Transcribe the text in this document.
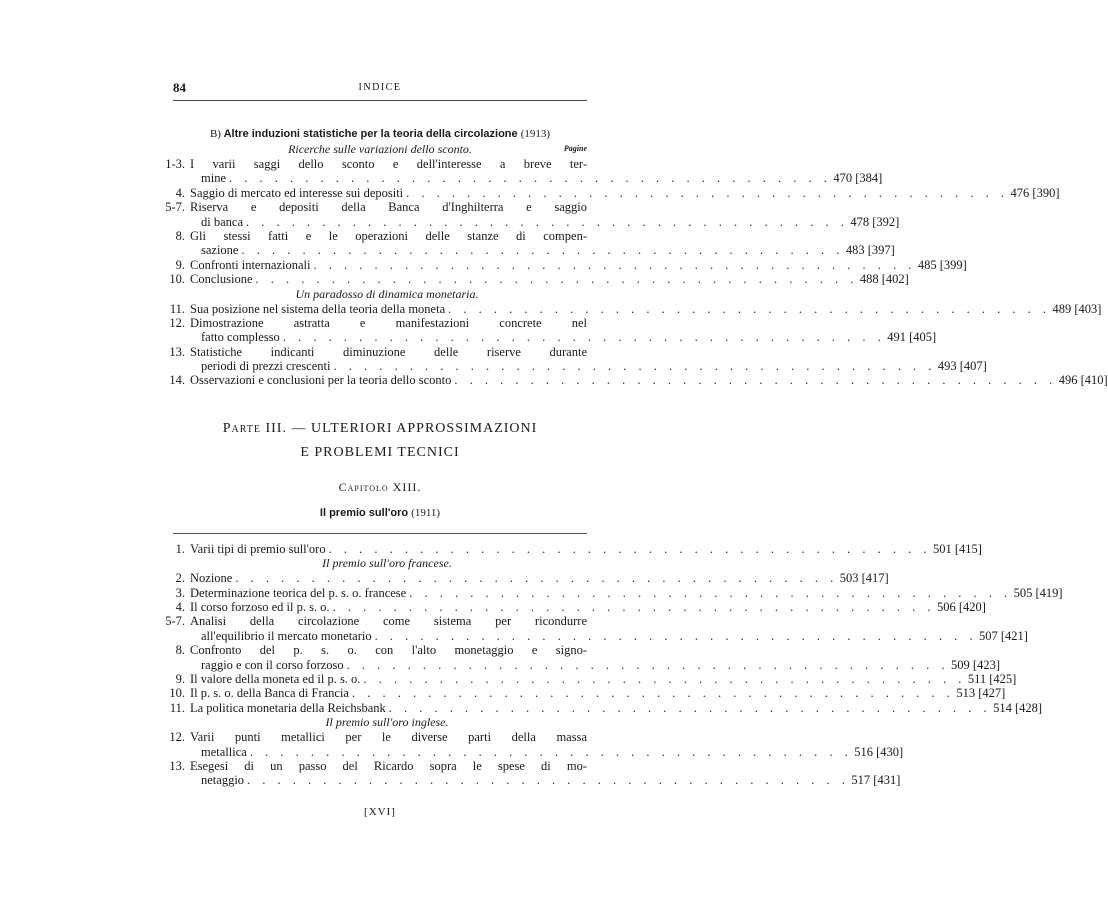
84	INDICE
B) Altre induzioni statistiche per la teoria della circolazione (1913)
Ricerche sulle variazioni dello sconto.	Pagine
1-3. I varii saggi dello sconto e dell'interesse a breve ter-
mine . . . . . . . . . . . . . . . . . . . . . . . . . . . . . . . . . . . . . . . . 470 [384]
4. Saggio di mercato ed interesse sui depositi . . . . . . . . . . . . . . . . . . . . . . . . . . . . . . . . . . . . . . . . 476 [390]
5-7. Riserva e depositi della Banca d'Inghilterra e saggio
di banca . . . . . . . . . . . . . . . . . . . . . . . . . . . . . . . . . . . . . . . . 478 [392]
8. Gli stessi fatti e le operazioni delle stanze di compen-
sazione . . . . . . . . . . . . . . . . . . . . . . . . . . . . . . . . . . . . . . . . 483 [397]
9. Confronti internazionali . . . . . . . . . . . . . . . . . . . . . . . . . . . . . . . . . . . . . . . . 485 [399]
10. Conclusione . . . . . . . . . . . . . . . . . . . . . . . . . . . . . . . . . . . . . . . . 488 [402]
Un paradosso di dinamica monetaria.
11. Sua posizione nel sistema della teoria della moneta . . . . . . . . . . . . . . . . . . . . . . . . . . . . . . . . . . . . . . . . 489 [403]
12. Dimostrazione astratta e manifestazioni concrete nel
fatto complesso . . . . . . . . . . . . . . . . . . . . . . . . . . . . . . . . . . . . . . . . 491 [405]
13. Statistiche indicanti diminuzione delle riserve durante
periodi di prezzi crescenti . . . . . . . . . . . . . . . . . . . . . . . . . . . . . . . . . . . . . . . . 493 [407]
14. Osservazioni e conclusioni per la teoria dello sconto . . . . . . . . . . . . . . . . . . . . . . . . . . . . . . . . . . . . . . . . 496 [410]
Parte III. — ULTERIORI APPROSSIMAZIONI
E PROBLEMI TECNICI
Capitolo XIII.
Il premio sull'oro (1911)
1. Varii tipi di premio sull'oro . . . . . . . . . . . . . . . . . . . . . . . . . . . . . . . . . . . . . . . . 501 [415]
Il premio sull'oro francese.
2. Nozione . . . . . . . . . . . . . . . . . . . . . . . . . . . . . . . . . . . . . . . . 503 [417]
3. Determinazione teorica del p. s. o. francese . . . . . . . . . . . . . . . . . . . . . . . . . . . . . . . . . . . . . . . . 505 [419]
4. Il corso forzoso ed il p. s. o. . . . . . . . . . . . . . . . . . . . . . . . . . . . . . . . . . . . . . . . . 506 [420]
5-7. Analisi della circolazione come sistema per ricondurre
all'equilibrio il mercato monetario . . . . . . . . . . . . . . . . . . . . . . . . . . . . . . . . . . . . . . . . 507 [421]
8. Confronto del p. s. o. con l'alto monetaggio e signo-
raggio e con il corso forzoso . . . . . . . . . . . . . . . . . . . . . . . . . . . . . . . . . . . . . . . . 509 [423]
9. Il valore della moneta ed il p. s. o. . . . . . . . . . . . . . . . . . . . . . . . . . . . . . . . . . . . . . . . . 511 [425]
10. Il p. s. o. della Banca di Francia . . . . . . . . . . . . . . . . . . . . . . . . . . . . . . . . . . . . . . . . 513 [427]
11. La politica monetaria della Reichsbank . . . . . . . . . . . . . . . . . . . . . . . . . . . . . . . . . . . . . . . . 514 [428]
Il premio sull'oro inglese.
12. Varii punti metallici per le diverse parti della massa
metallica . . . . . . . . . . . . . . . . . . . . . . . . . . . . . . . . . . . . . . . . 516 [430]
13. Esegesi di un passo del Ricardo sopra le spese di mo-
netaggio . . . . . . . . . . . . . . . . . . . . . . . . . . . . . . . . . . . . . . . . 517 [431]
[XVI]
